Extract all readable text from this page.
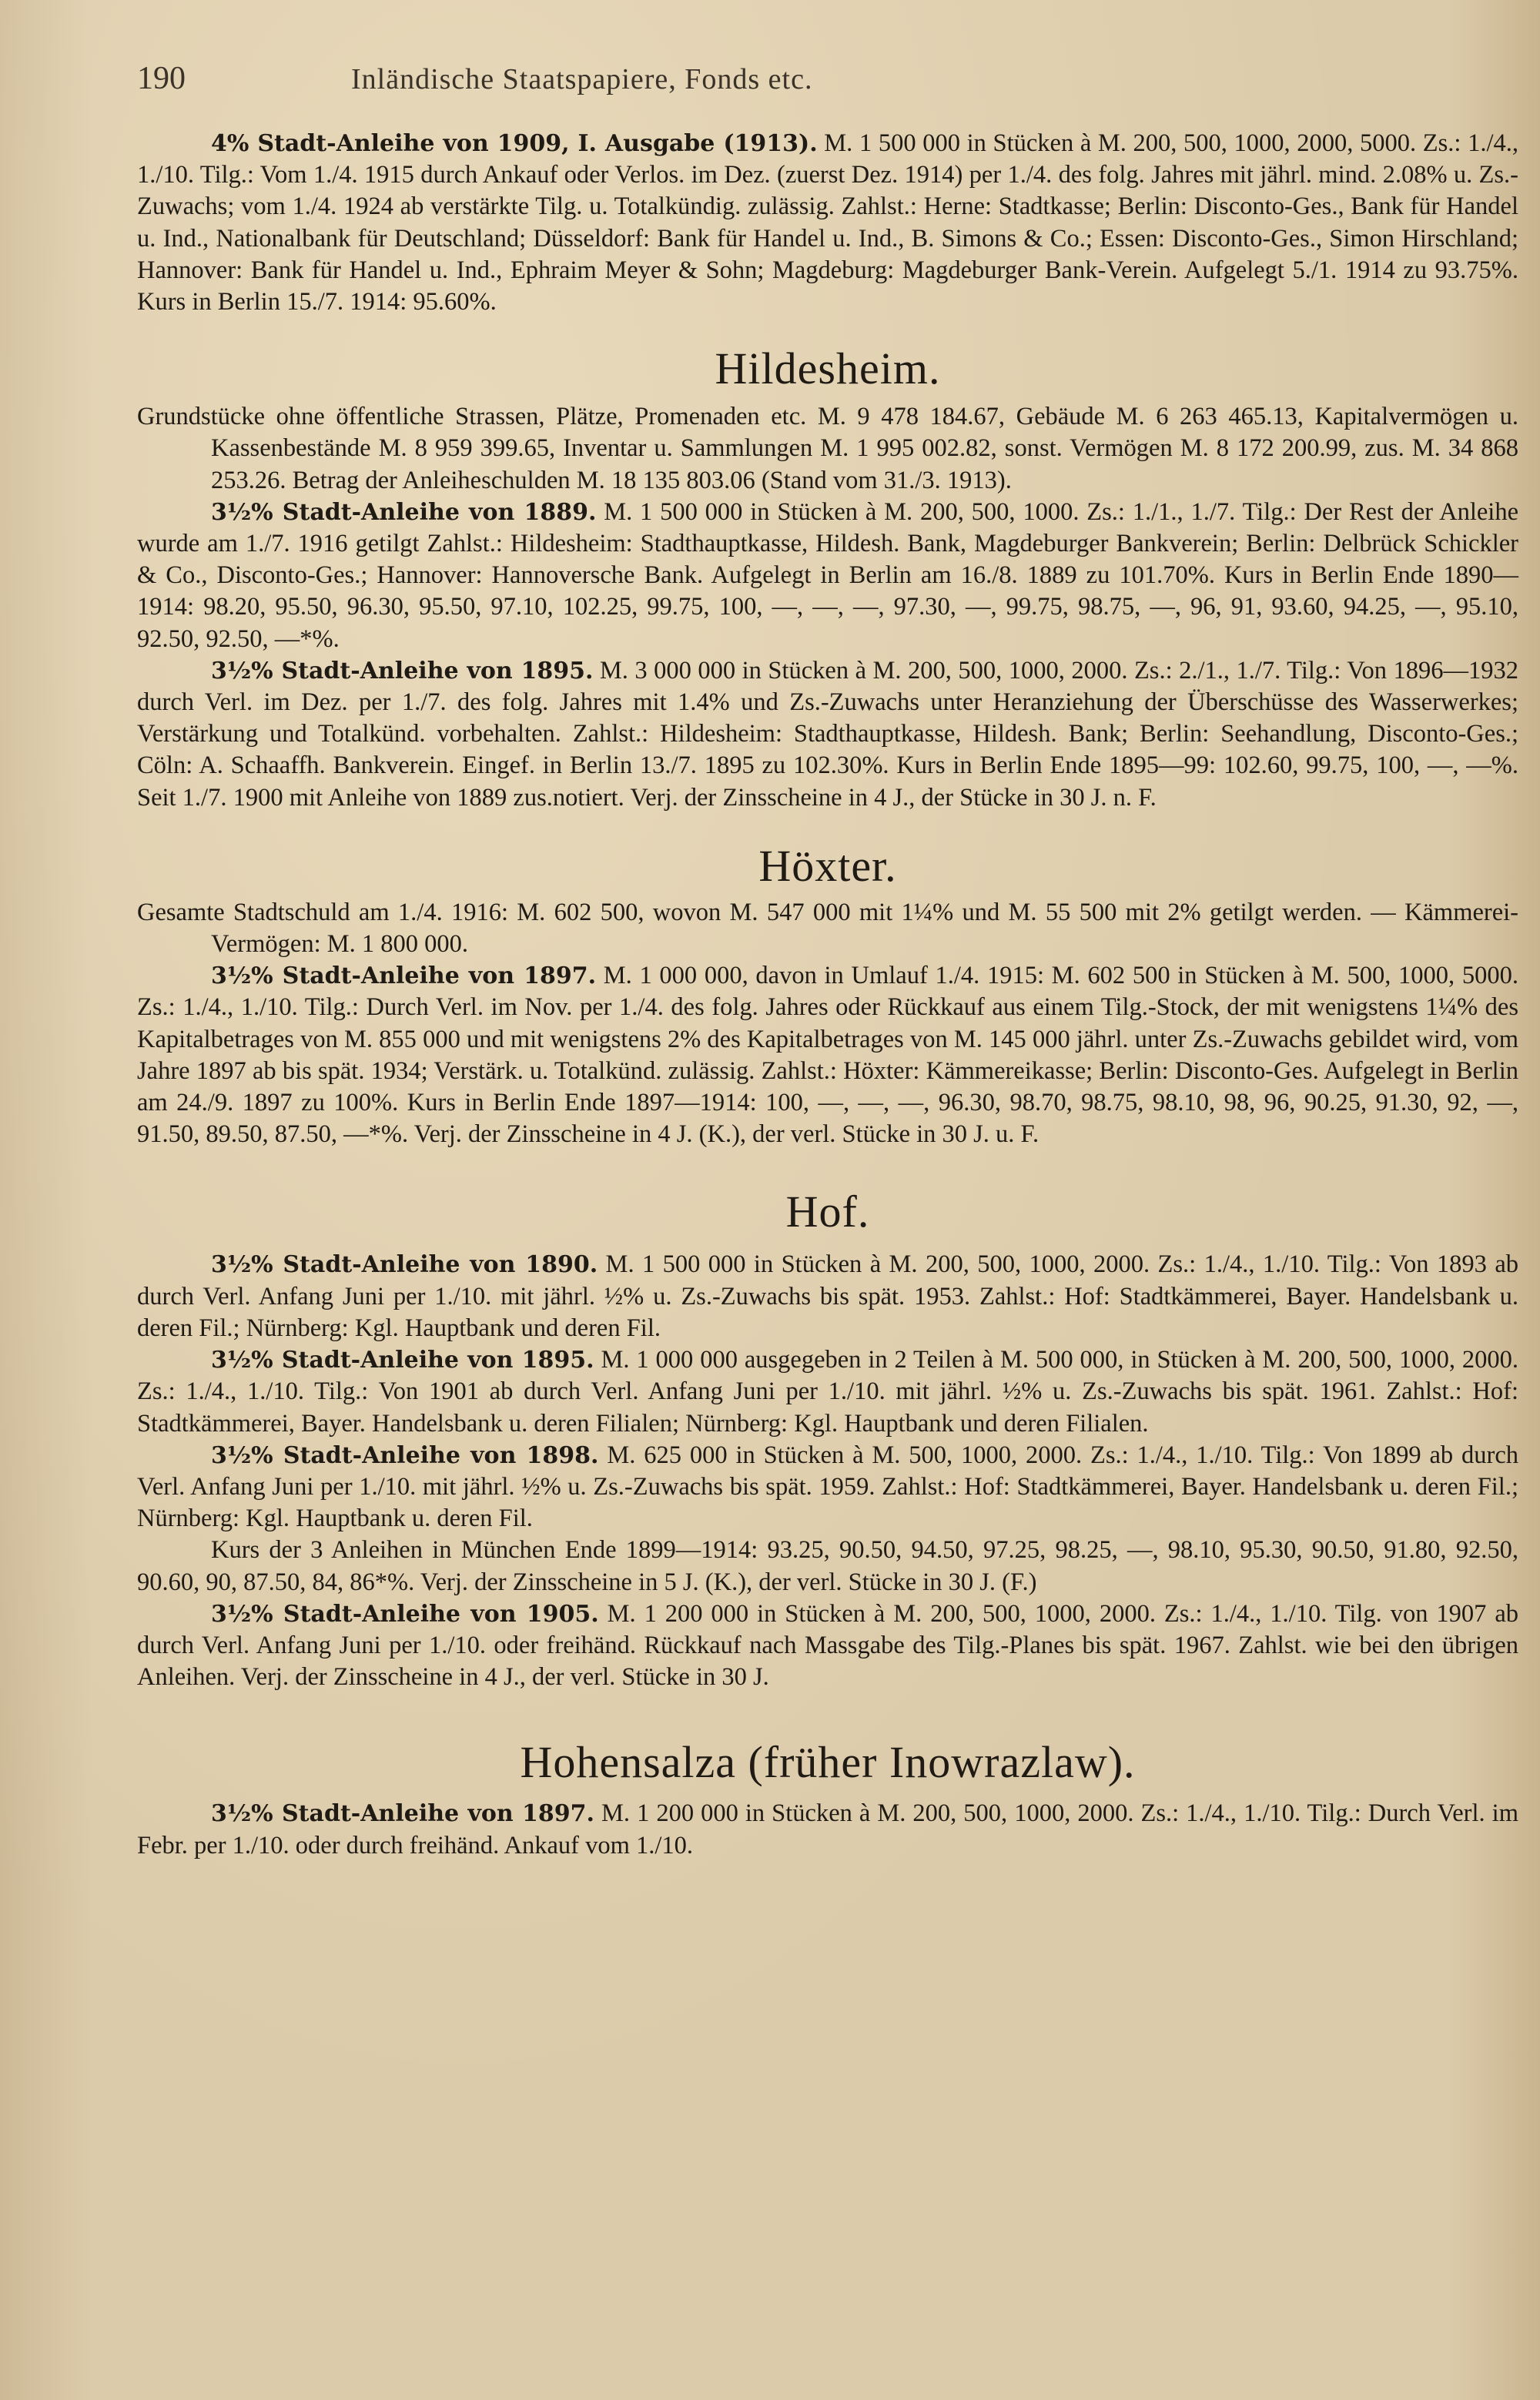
190	Inländische Staatspapiere, Fonds etc.

4% Stadt-Anleihe von 1909, I. Ausgabe (1913). M. 1 500 000 in Stücken à M. 200, 500, 1000, 2000, 5000. Zs.: 1./4., 1./10. Tilg.: Vom 1./4. 1915 durch Ankauf oder Verlos. im Dez. (zuerst Dez. 1914) per 1./4. des folg. Jahres mit jährl. mind. 2.08% u. Zs.-Zuwachs; vom 1./4. 1924 ab verstärkte Tilg. u. Totalkündig. zulässig. Zahlst.: Herne: Stadtkasse; Berlin: Disconto-Ges., Bank für Handel u. Ind., Nationalbank für Deutschland; Düsseldorf: Bank für Handel u. Ind., B. Simons & Co.; Essen: Disconto-Ges., Simon Hirschland; Hannover: Bank für Handel u. Ind., Ephraim Meyer & Sohn; Magdeburg: Magdeburger Bank-Verein. Aufgelegt 5./1. 1914 zu 93.75%. Kurs in Berlin 15./7. 1914: 95.60%.

Hildesheim.

Grundstücke ohne öffentliche Strassen, Plätze, Promenaden etc. M. 9 478 184.67, Gebäude M. 6 263 465.13, Kapitalvermögen u. Kassenbestände M. 8 959 399.65, Inventar u. Sammlungen M. 1 995 002.82, sonst. Vermögen M. 8 172 200.99, zus. M. 34 868 253.26. Betrag der Anleiheschulden M. 18 135 803.06 (Stand vom 31./3. 1913).

3½% Stadt-Anleihe von 1889. M. 1 500 000 in Stücken à M. 200, 500, 1000. Zs.: 1./1., 1./7. Tilg.: Der Rest der Anleihe wurde am 1./7. 1916 getilgt Zahlst.: Hildesheim: Stadthauptkasse, Hildesh. Bank, Magdeburger Bankverein; Berlin: Delbrück Schickler & Co., Disconto-Ges.; Hannover: Hannoversche Bank. Aufgelegt in Berlin am 16./8. 1889 zu 101.70%. Kurs in Berlin Ende 1890—1914: 98.20, 95.50, 96.30, 95.50, 97.10, 102.25, 99.75, 100, —, —, —, 97.30, —, 99.75, 98.75, —, 96, 91, 93.60, 94.25, —, 95.10, 92.50, 92.50, —*%.

3½% Stadt-Anleihe von 1895. M. 3 000 000 in Stücken à M. 200, 500, 1000, 2000. Zs.: 2./1., 1./7. Tilg.: Von 1896—1932 durch Verl. im Dez. per 1./7. des folg. Jahres mit 1.4% und Zs.-Zuwachs unter Heranziehung der Überschüsse des Wasserwerkes; Verstärkung und Totalkünd. vorbehalten. Zahlst.: Hildesheim: Stadthauptkasse, Hildesh. Bank; Berlin: Seehandlung, Disconto-Ges.; Cöln: A. Schaaffh. Bankverein. Eingef. in Berlin 13./7. 1895 zu 102.30%. Kurs in Berlin Ende 1895—99: 102.60, 99.75, 100, —, —%. Seit 1./7. 1900 mit Anleihe von 1889 zus.notiert. Verj. der Zinsscheine in 4 J., der Stücke in 30 J. n. F.

Höxter.

Gesamte Stadtschuld am 1./4. 1916: M. 602 500, wovon M. 547 000 mit 1¼% und M. 55 500 mit 2% getilgt werden. — Kämmerei-Vermögen: M. 1 800 000.

3½% Stadt-Anleihe von 1897. M. 1 000 000, davon in Umlauf 1./4. 1915: M. 602 500 in Stücken à M. 500, 1000, 5000. Zs.: 1./4., 1./10. Tilg.: Durch Verl. im Nov. per 1./4. des folg. Jahres oder Rückkauf aus einem Tilg.-Stock, der mit wenigstens 1¼% des Kapitalbetrages von M. 855 000 und mit wenigstens 2% des Kapitalbetrages von M. 145 000 jährl. unter Zs.-Zuwachs gebildet wird, vom Jahre 1897 ab bis spät. 1934; Verstärk. u. Totalkünd. zulässig. Zahlst.: Höxter: Kämmereikasse; Berlin: Disconto-Ges. Aufgelegt in Berlin am 24./9. 1897 zu 100%. Kurs in Berlin Ende 1897—1914: 100, —, —, —, 96.30, 98.70, 98.75, 98.10, 98, 96, 90.25, 91.30, 92, —, 91.50, 89.50, 87.50, —*%. Verj. der Zinsscheine in 4 J. (K.), der verl. Stücke in 30 J. u. F.

Hof.

3½% Stadt-Anleihe von 1890. M. 1 500 000 in Stücken à M. 200, 500, 1000, 2000. Zs.: 1./4., 1./10. Tilg.: Von 1893 ab durch Verl. Anfang Juni per 1./10. mit jährl. ½% u. Zs.-Zuwachs bis spät. 1953. Zahlst.: Hof: Stadtkämmerei, Bayer. Handelsbank u. deren Fil.; Nürnberg: Kgl. Hauptbank und deren Fil.

3½% Stadt-Anleihe von 1895. M. 1 000 000 ausgegeben in 2 Teilen à M. 500 000, in Stücken à M. 200, 500, 1000, 2000. Zs.: 1./4., 1./10. Tilg.: Von 1901 ab durch Verl. Anfang Juni per 1./10. mit jährl. ½% u. Zs.-Zuwachs bis spät. 1961. Zahlst.: Hof: Stadtkämmerei, Bayer. Handelsbank u. deren Filialen; Nürnberg: Kgl. Hauptbank und deren Filialen.

3½% Stadt-Anleihe von 1898. M. 625 000 in Stücken à M. 500, 1000, 2000. Zs.: 1./4., 1./10. Tilg.: Von 1899 ab durch Verl. Anfang Juni per 1./10. mit jährl. ½% u. Zs.-Zuwachs bis spät. 1959. Zahlst.: Hof: Stadtkämmerei, Bayer. Handelsbank u. deren Fil.; Nürnberg: Kgl. Hauptbank u. deren Fil.

Kurs der 3 Anleihen in München Ende 1899—1914: 93.25, 90.50, 94.50, 97.25, 98.25, —, 98.10, 95.30, 90.50, 91.80, 92.50, 90.60, 90, 87.50, 84, 86*%. Verj. der Zinsscheine in 5 J. (K.), der verl. Stücke in 30 J. (F.)

3½% Stadt-Anleihe von 1905. M. 1 200 000 in Stücken à M. 200, 500, 1000, 2000. Zs.: 1./4., 1./10. Tilg. von 1907 ab durch Verl. Anfang Juni per 1./10. oder freihänd. Rückkauf nach Massgabe des Tilg.-Planes bis spät. 1967. Zahlst. wie bei den übrigen Anleihen. Verj. der Zinsscheine in 4 J., der verl. Stücke in 30 J.

Hohensalza (früher Inowrazlaw).

3½% Stadt-Anleihe von 1897. M. 1 200 000 in Stücken à M. 200, 500, 1000, 2000. Zs.: 1./4., 1./10. Tilg.: Durch Verl. im Febr. per 1./10. oder durch freihänd. Ankauf vom 1./10.
